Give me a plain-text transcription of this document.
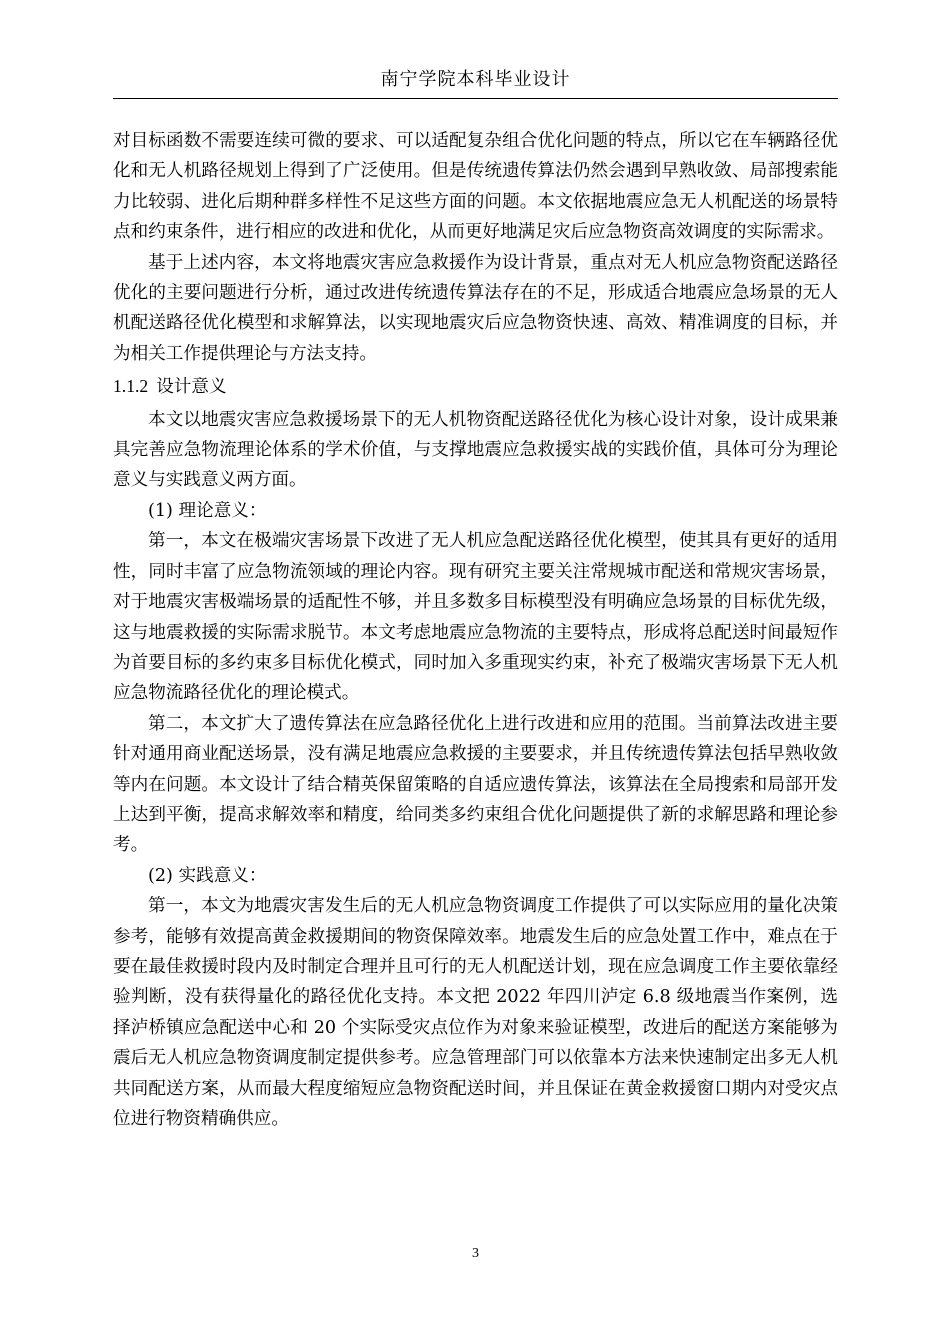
南宁学院本科毕业设计

对目标函数不需要连续可微的要求、可以适配复杂组合优化问题的特点，所以它在车辆路径优化和无人机路径规划上得到了广泛使用。但是传统遗传算法仍然会遇到早熟收敛、局部搜索能力比较弱、进化后期种群多样性不足这些方面的问题。本文依据地震应急无人机配送的场景特点和约束条件，进行相应的改进和优化，从而更好地满足灾后应急物资高效调度的实际需求。

基于上述内容，本文将地震灾害应急救援作为设计背景，重点对无人机应急物资配送路径优化的主要问题进行分析，通过改进传统遗传算法存在的不足，形成适合地震应急场景的无人机配送路径优化模型和求解算法，以实现地震灾后应急物资快速、高效、精准调度的目标，并为相关工作提供理论与方法支持。

1.1.2 设计意义

本文以地震灾害应急救援场景下的无人机物资配送路径优化为核心设计对象，设计成果兼具完善应急物流理论体系的学术价值，与支撑地震应急救援实战的实践价值，具体可分为理论意义与实践意义两方面。

(1) 理论意义：

第一，本文在极端灾害场景下改进了无人机应急配送路径优化模型，使其具有更好的适用性，同时丰富了应急物流领域的理论内容。现有研究主要关注常规城市配送和常规灾害场景，对于地震灾害极端场景的适配性不够，并且多数多目标模型没有明确应急场景的目标优先级，这与地震救援的实际需求脱节。本文考虑地震应急物流的主要特点，形成将总配送时间最短作为首要目标的多约束多目标优化模式，同时加入多重现实约束，补充了极端灾害场景下无人机应急物流路径优化的理论模式。

第二，本文扩大了遗传算法在应急路径优化上进行改进和应用的范围。当前算法改进主要针对通用商业配送场景，没有满足地震应急救援的主要要求，并且传统遗传算法包括早熟收敛等内在问题。本文设计了结合精英保留策略的自适应遗传算法，该算法在全局搜索和局部开发上达到平衡，提高求解效率和精度，给同类多约束组合优化问题提供了新的求解思路和理论参考。

(2) 实践意义：

第一，本文为地震灾害发生后的无人机应急物资调度工作提供了可以实际应用的量化决策参考，能够有效提高黄金救援期间的物资保障效率。地震发生后的应急处置工作中，难点在于要在最佳救援时段内及时制定合理并且可行的无人机配送计划，现在应急调度工作主要依靠经验判断，没有获得量化的路径优化支持。本文把 2022 年四川泸定 6.8 级地震当作案例，选择泸桥镇应急配送中心和 20 个实际受灾点位作为对象来验证模型，改进后的配送方案能够为震后无人机应急物资调度制定提供参考。应急管理部门可以依靠本方法来快速制定出多无人机共同配送方案，从而最大程度缩短应急物资配送时间，并且保证在黄金救援窗口期内对受灾点位进行物资精确供应。

3
